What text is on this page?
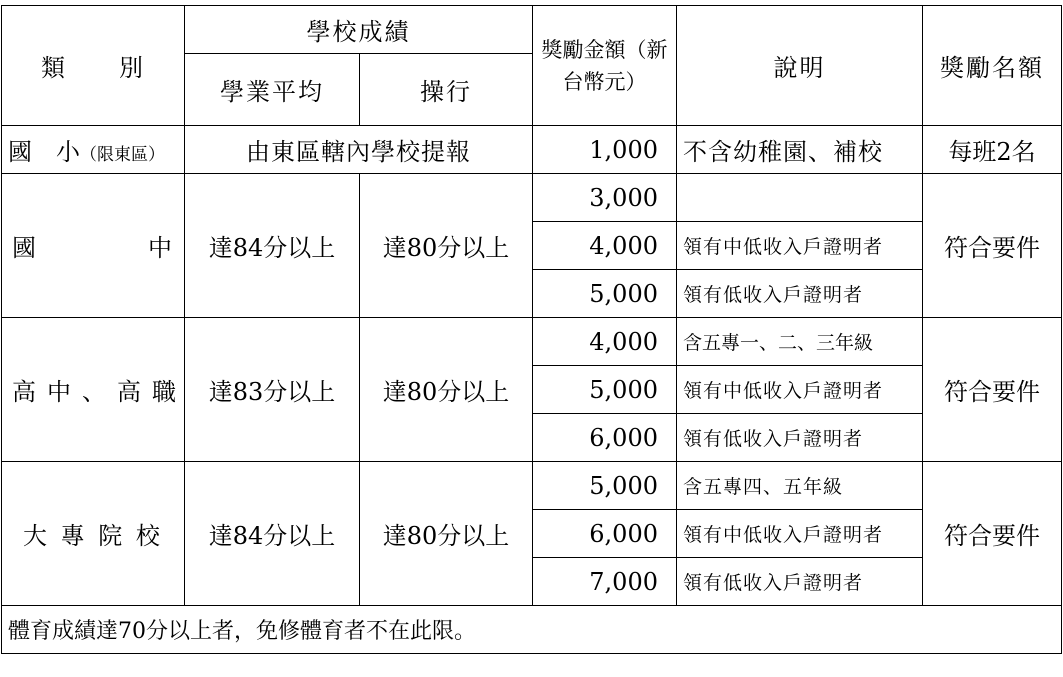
類　　別	學校成績		獎勵金額（新台幣元）	說明	獎勵名額
	學業平均	操行			
國　小（限東區）	由東區轄內學校提報		1,000	不含幼稚園、補校	每班2名

國 中	達84分以上	達80分以上	3,000		符合要件
			4,000	領有中低收入戶證明者	
			5,000	領有低收入戶證明者	

高 中 、 高 職	達83分以上	達80分以上	4,000	含五專一、二、三年級	符合要件
			5,000	領有中低收入戶證明者	
			6,000	領有低收入戶證明者	
大 專 院 校	達84分以上	達80分以上	5,000	含五專四、五年級	符合要件
			6,000	領有中低收入戶證明者	
			7,000	領有低收入戶證明者	
體育成績達70分以上者，免修體育者不在此限。					
